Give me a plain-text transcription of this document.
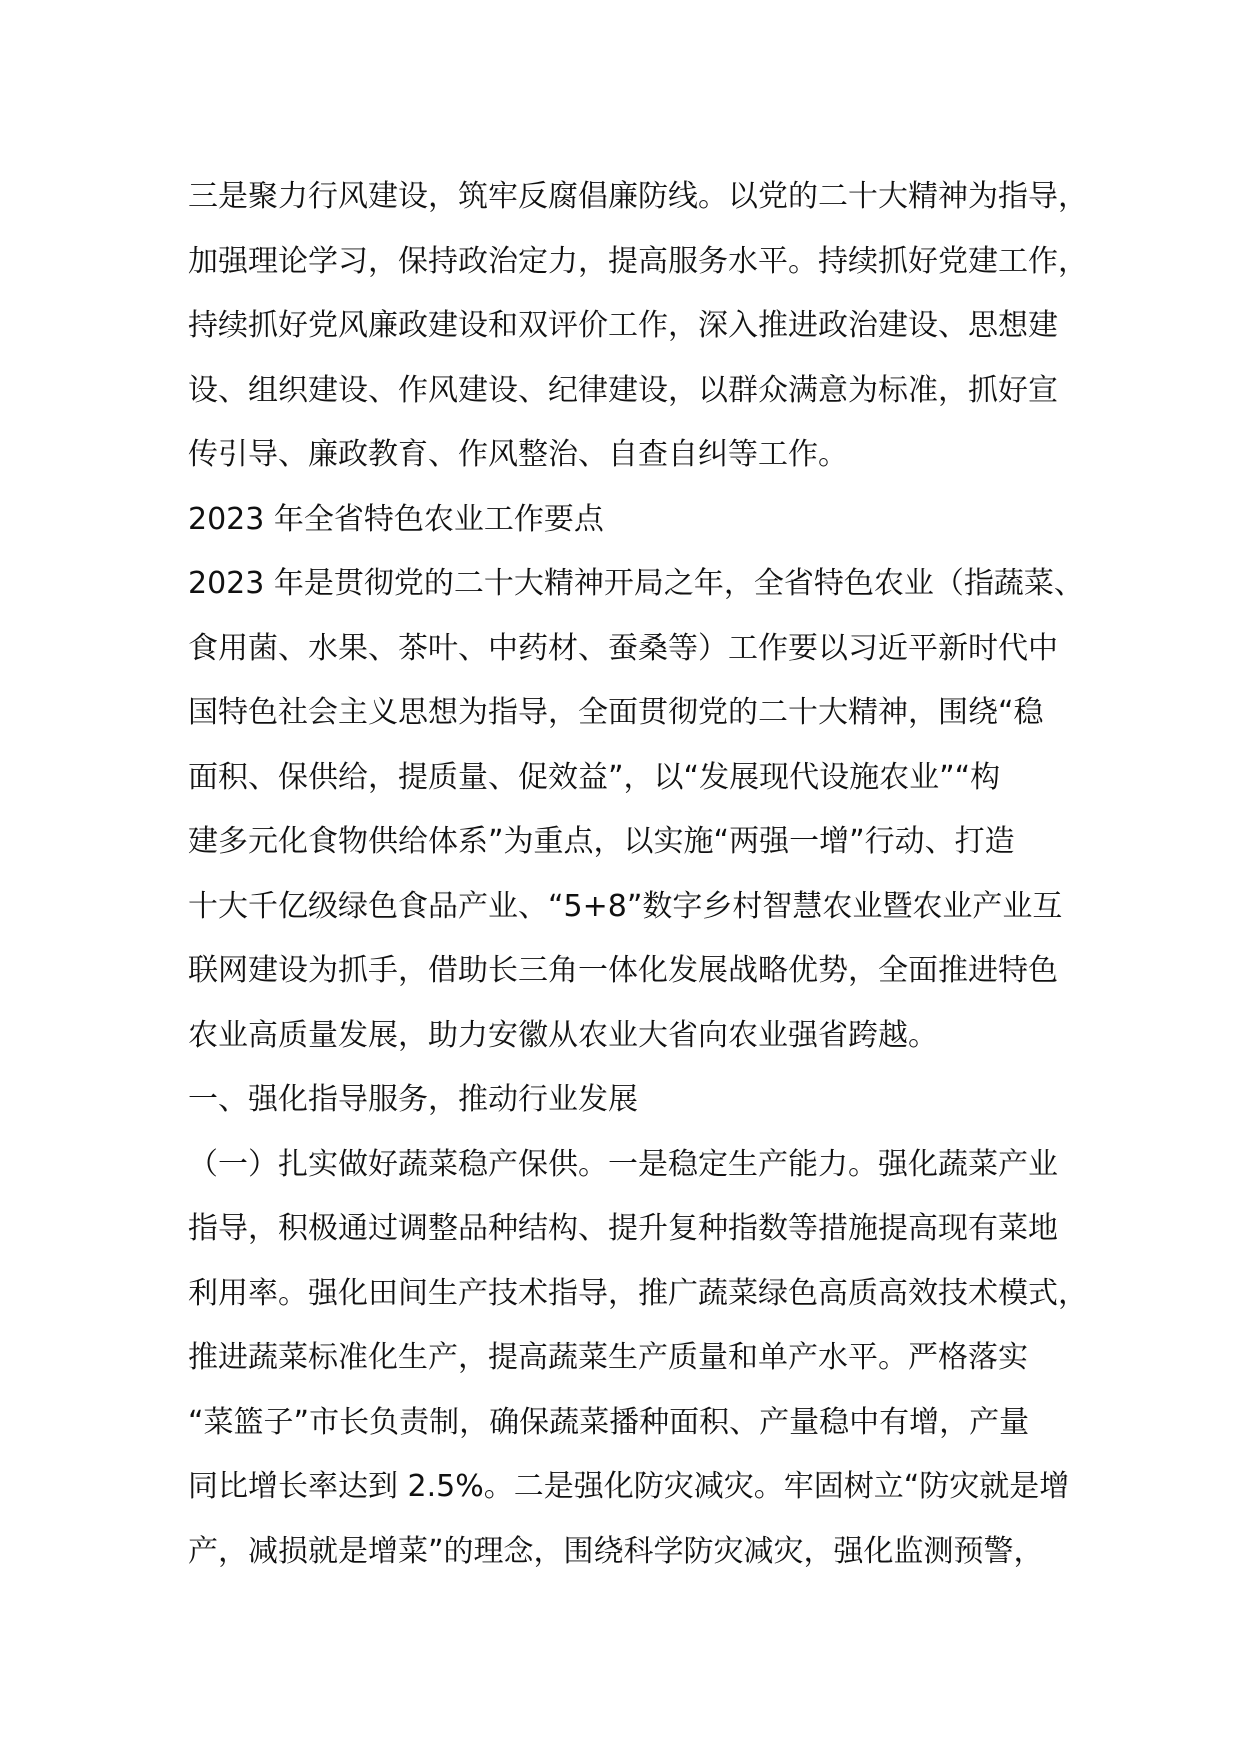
三是聚力行风建设，筑牢反腐倡廉防线。以党的二十大精神为指导，
加强理论学习，保持政治定力，提高服务水平。持续抓好党建工作，
持续抓好党风廉政建设和双评价工作，深入推进政治建设、思想建
设、组织建设、作风建设、纪律建设，以群众满意为标准，抓好宣
传引导、廉政教育、作风整治、自查自纠等工作。

2023 年全省特色农业工作要点

2023 年是贯彻党的二十大精神开局之年，全省特色农业（指蔬菜、
食用菌、水果、茶叶、中药材、蚕桑等）工作要以习近平新时代中
国特色社会主义思想为指导，全面贯彻党的二十大精神，围绕“稳
面积、保供给，提质量、促效益”，以“发展现代设施农业”“构
建多元化食物供给体系”为重点，以实施“两强一增”行动、打造
十大千亿级绿色食品产业、“5+8”数字乡村智慧农业暨农业产业互
联网建设为抓手，借助长三角一体化发展战略优势，全面推进特色
农业高质量发展，助力安徽从农业大省向农业强省跨越。

一、强化指导服务，推动行业发展

（一）扎实做好蔬菜稳产保供。一是稳定生产能力。强化蔬菜产业
指导，积极通过调整品种结构、提升复种指数等措施提高现有菜地
利用率。强化田间生产技术指导，推广蔬菜绿色高质高效技术模式，
推进蔬菜标准化生产，提高蔬菜生产质量和单产水平。严格落实
“菜篮子”市长负责制，确保蔬菜播种面积、产量稳中有增，产量
同比增长率达到 2.5%。二是强化防灾减灾。牢固树立“防灾就是增
产，减损就是增菜”的理念，围绕科学防灾减灾，强化监测预警，
